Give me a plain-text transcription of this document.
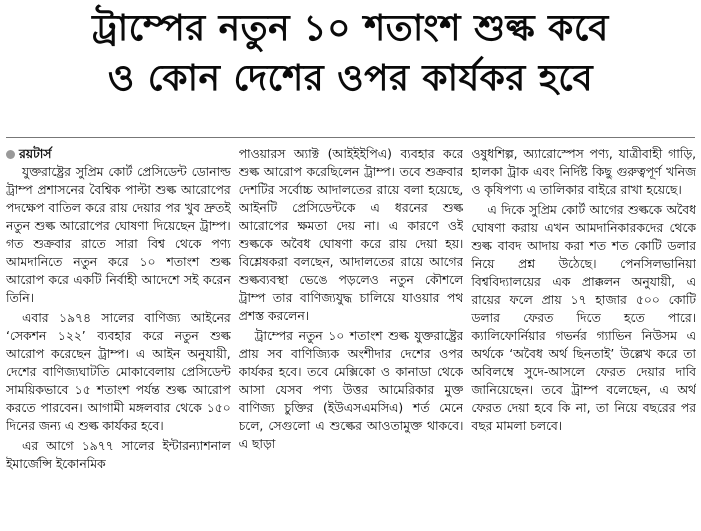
ট্রাম্পের নতুন ১০ শতাংশ শুল্ক কবে
ও কোন দেশের ওপর কার্যকর হবে
রয়টার্স

যুক্তরাষ্ট্রের সুপ্রিম কোর্ট প্রেসিডেন্ট ডোনাল্ড ট্রাম্প প্রশাসনের বৈশ্বিক পাল্টা শুল্ক আরোপের পদক্ষেপ বাতিল করে রায় দেয়ার পর খুব দ্রুতই নতুন শুল্ক আরোপের ঘোষণা দিয়েছেন ট্রাম্প। গত শুক্রবার রাতে সারা বিশ্ব থেকে পণ্য আমদানিতে নতুন করে ১০ শতাংশ শুল্ক আরোপ করে একটি নির্বাহী আদেশে সই করেন তিনি।

এবার ১৯৭৪ সালের বাণিজ্য আইনের ‘সেকশন ১২২’ ব্যবহার করে নতুন শুল্ক আরোপ করেছেন ট্রাম্প। এ আইন অনুযায়ী, দেশের বাণিজ্যঘাটতি মোকাবেলায় প্রেসিডেন্ট সাময়িকভাবে ১৫ শতাংশ পর্যন্ত শুল্ক আরোপ করতে পারবেন। আগামী মঙ্গলবার থেকে ১৫০ দিনের জন্য এ শুল্ক কার্যকর হবে।

এর আগে ১৯৭৭ সালের ইন্টারন্যাশনাল ইমার্জেন্সি ইকোনমিক

পাওয়ারস অ্যাক্ট (আইইইপিএ) ব্যবহার করে শুল্ক আরোপ করেছিলেন ট্রাম্প। তবে শুক্রবার দেশটির সর্বোচ্চ আদালতের রায়ে বলা হয়েছে, আইনটি প্রেসিডেন্টকে এ ধরনের শুল্ক আরোপের ক্ষমতা দেয় না। এ কারণে ওই শুল্ককে অবৈধ ঘোষণা করে রায় দেয়া হয়। বিশ্লেষকরা বলছেন, আদালতের রায়ে আগের শুল্কব্যবস্থা ভেঙে পড়লেও নতুন কৌশলে ট্রাম্প তার বাণিজ্যযুদ্ধ চালিয়ে যাওয়ার পথ প্রশস্ত করলেন।

ট্রাম্পের নতুন ১০ শতাংশ শুল্ক যুক্তরাষ্ট্রের প্রায় সব বাণিজ্যিক অংশীদার দেশের ওপর কার্যকর হবে। তবে মেক্সিকো ও কানাডা থেকে আসা যেসব পণ্য উত্তর আমেরিকার মুক্ত বাণিজ্য চুক্তির (ইউএসএমসিএ) শর্ত মেনে চলে, সেগুলো এ শুল্কের আওতামুক্ত থাকবে। এ ছাড়া

ওষুধশিল্প, অ্যারোস্পেস পণ্য, যাত্রীবাহী গাড়ি, হালকা ট্রাক এবং নির্দিষ্ট কিছু গুরুত্বপূর্ণ খনিজ ও কৃষিপণ্য এ তালিকার বাইরে রাখা হয়েছে।

এ দিকে সুপ্রিম কোর্ট আগের শুল্ককে অবৈধ ঘোষণা করায় এখন আমদানিকারকদের থেকে শুল্ক বাবদ আদায় করা শত শত কোটি ডলার নিয়ে প্রশ্ন উঠেছে। পেনসিলভানিয়া বিশ্ববিদ্যালয়ের এক প্রাক্কলন অনুযায়ী, এ রায়ের ফলে প্রায় ১৭ হাজার ৫০০ কোটি ডলার ফেরত দিতে হতে পারে। ক্যালিফোর্নিয়ার গভর্নর গ্যাভিন নিউসম এ অর্থকে ‘অবৈধ অর্থ ছিনতাই’ উল্লেখ করে তা অবিলম্বে সুদে-আসলে ফেরত দেয়ার দাবি জানিয়েছেন। তবে ট্রাম্প বলেছেন, এ অর্থ ফেরত দেয়া হবে কি না, তা নিয়ে বছরের পর বছর মামলা চলবে।
